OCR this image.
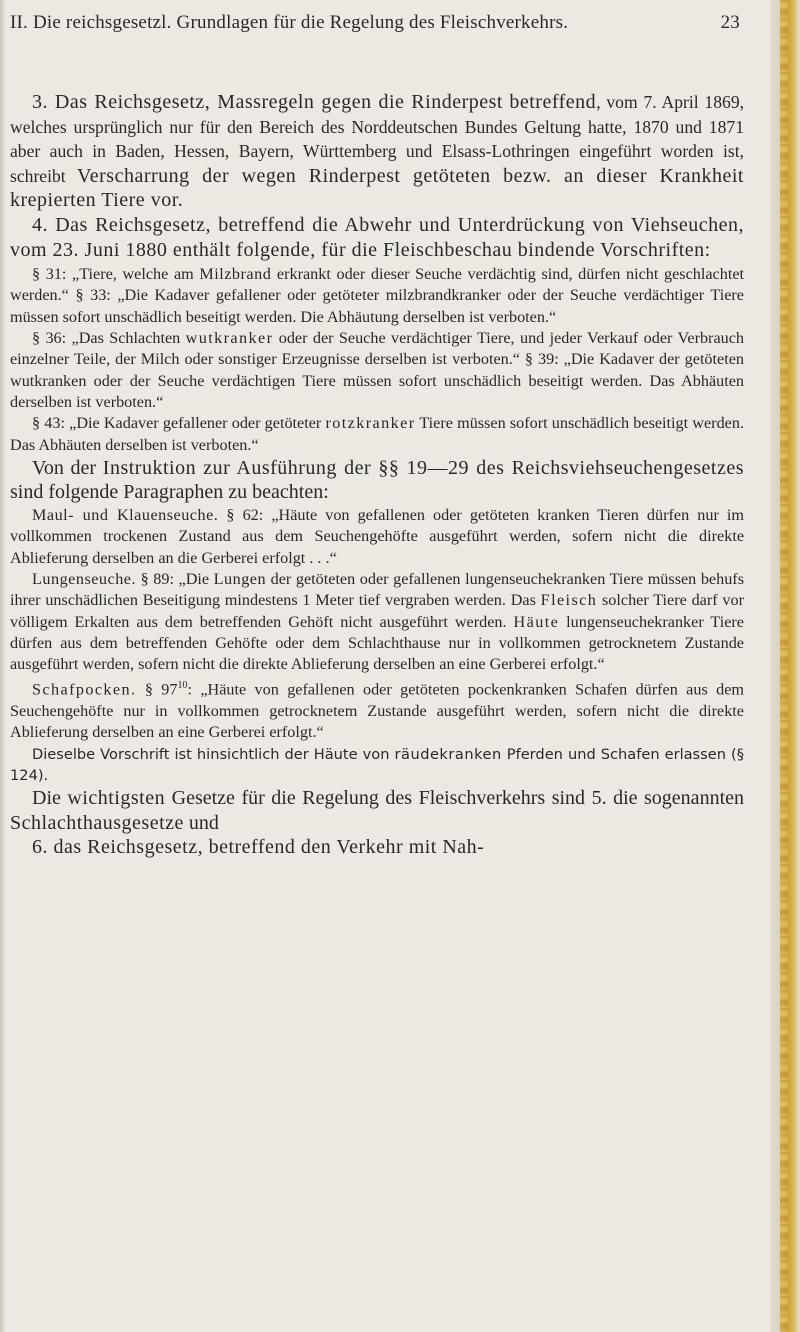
II. Die reichsgesetzl. Grundlagen für die Regelung des Fleischverkehrs.	23

3. Das Reichsgesetz, Massregeln gegen die Rinderpest betreffend, vom 7. April 1869, welches ursprünglich nur für den Bereich des Norddeutschen Bundes Geltung hatte, 1870 und 1871 aber auch in Baden, Hessen, Bayern, Württemberg und Elsass-Lothringen eingeführt worden ist, schreibt Verscharrung der wegen Rinderpest getöteten bezw. an dieser Krankheit krepierten Tiere vor.

4. Das Reichsgesetz, betreffend die Abwehr und Unterdrückung von Viehseuchen, vom 23. Juni 1880 enthält folgende, für die Fleischbeschau bindende Vorschriften:

§ 31: „Tiere, welche am Milzbrand erkrankt oder dieser Seuche verdächtig sind, dürfen nicht geschlachtet werden.“ § 33: „Die Kadaver gefallener oder getöteter milzbrandkranker oder der Seuche verdächtiger Tiere müssen sofort unschädlich beseitigt werden. Die Abhäutung derselben ist verboten.“

§ 36: „Das Schlachten wutkranker oder der Seuche verdächtiger Tiere, und jeder Verkauf oder Verbrauch einzelner Teile, der Milch oder sonstiger Erzeugnisse derselben ist verboten.“ § 39: „Die Kadaver der getöteten wutkranken oder der Seuche verdächtigen Tiere müssen sofort unschädlich beseitigt werden. Das Abhäuten derselben ist verboten.“

§ 43: „Die Kadaver gefallener oder getöteter rotzkranker Tiere müssen sofort unschädlich beseitigt werden. Das Abhäuten derselben ist verboten.“

Von der Instruktion zur Ausführung der §§ 19—29 des Reichsviehseuchengesetzes sind folgende Paragraphen zu beachten:

Maul- und Klauenseuche. § 62: „Häute von gefallenen oder getöteten kranken Tieren dürfen nur im vollkommen trockenen Zustand aus dem Seuchengehöfte ausgeführt werden, sofern nicht die direkte Ablieferung derselben an die Gerberei erfolgt . . .“

Lungenseuche. § 89: „Die Lungen der getöteten oder gefallenen lungenseuchekranken Tiere müssen behufs ihrer unschädlichen Beseitigung mindestens 1 Meter tief vergraben werden. Das Fleisch solcher Tiere darf vor völligem Erkalten aus dem betreffenden Gehöft nicht ausgeführt werden. Häute lungenseuchekranker Tiere dürfen aus dem betreffenden Gehöfte oder dem Schlachthause nur in vollkommen getrocknetem Zustande ausgeführt werden, sofern nicht die direkte Ablieferung derselben an eine Gerberei erfolgt.“

Schafpocken. § $97^{10}$: „Häute von gefallenen oder getöteten pockenkranken Schafen dürfen aus dem Seuchengehöfte nur in vollkommen getrocknetem Zustande ausgeführt werden, sofern nicht die direkte Ablieferung derselben an eine Gerberei erfolgt.“

Dieselbe Vorschrift ist hinsichtlich der Häute von räudekranken Pferden und Schafen erlassen (§ 124).

Die wichtigsten Gesetze für die Regelung des Fleischverkehrs sind 5. die sogenannten Schlachthausgesetze und

6. das Reichsgesetz, betreffend den Verkehr mit Nah-
